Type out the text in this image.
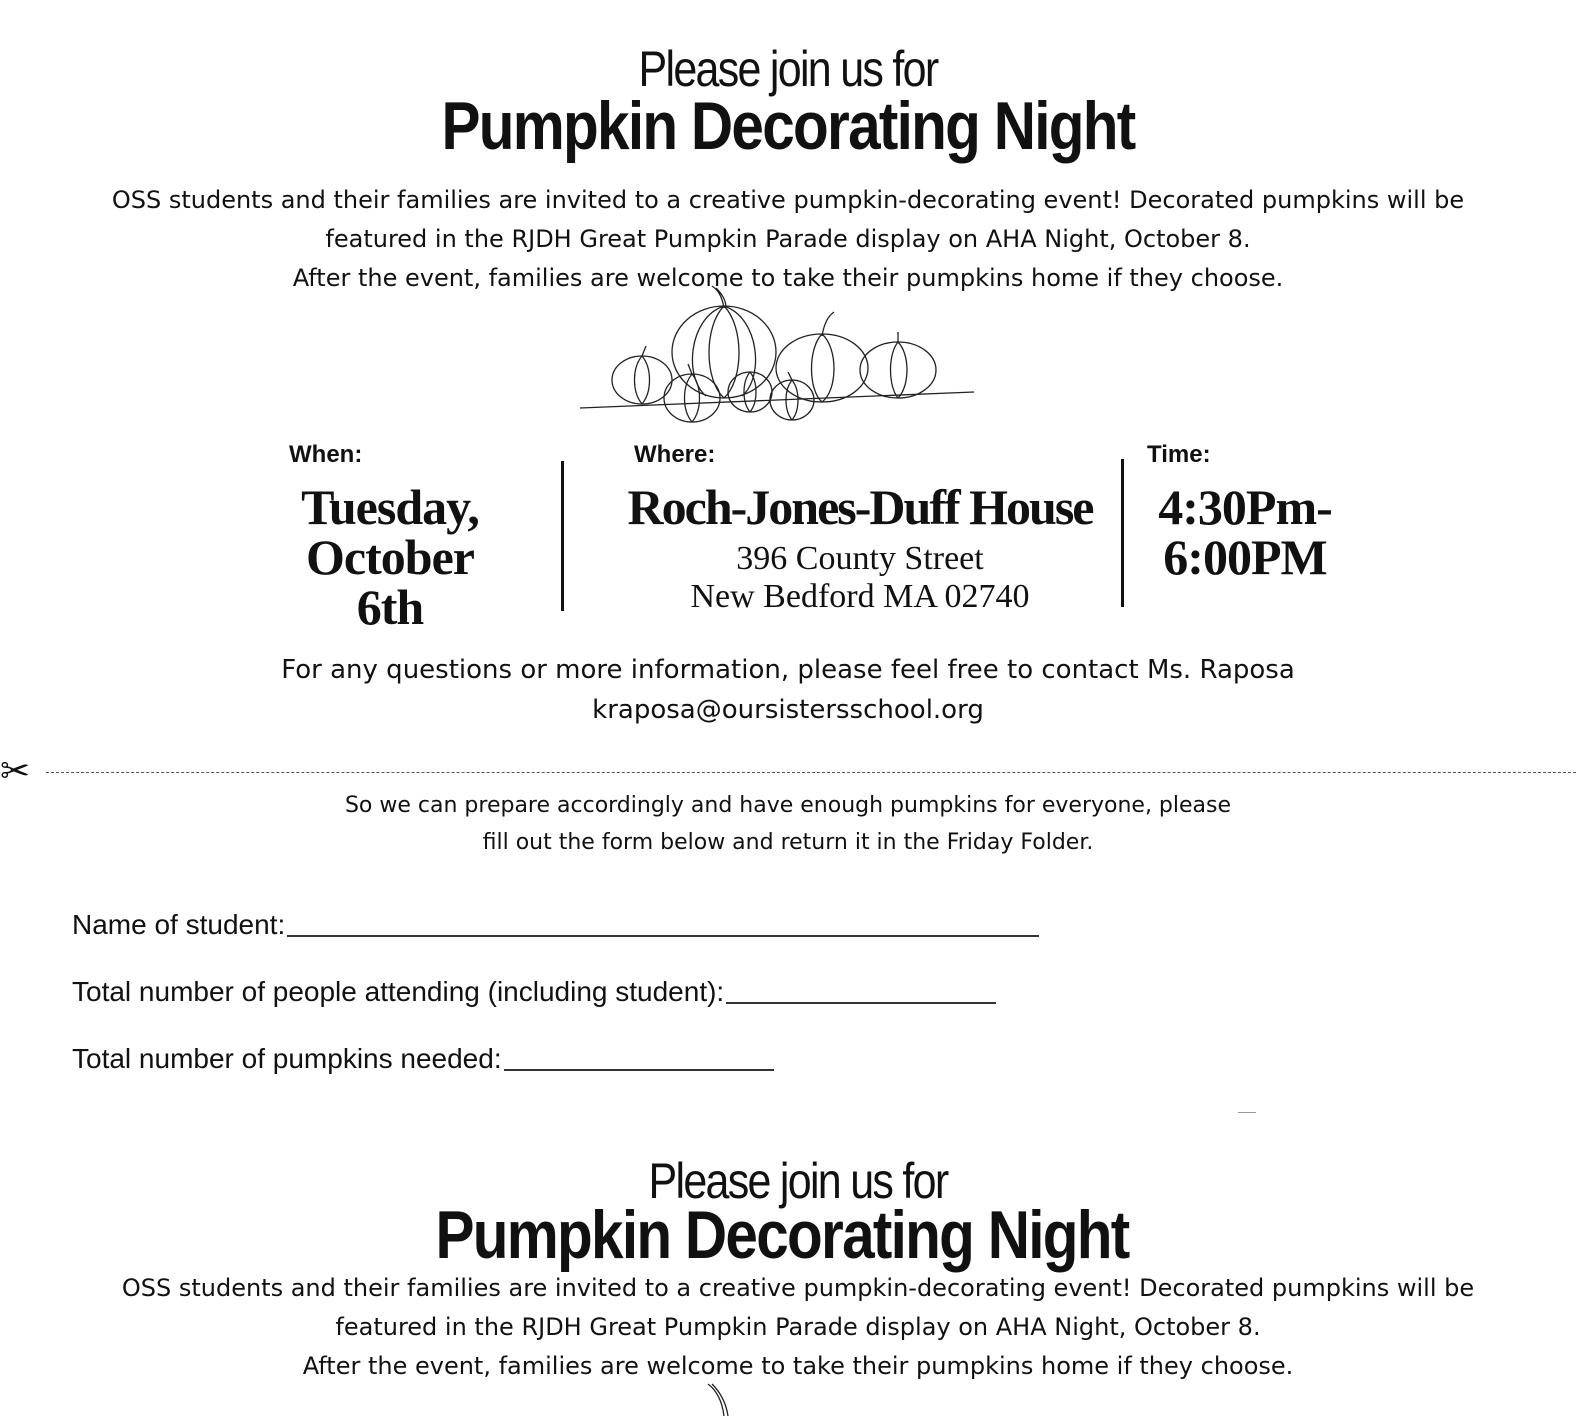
Please join us for
Pumpkin Decorating Night
OSS students and their families are invited to a creative pumpkin-decorating event! Decorated pumpkins will be
featured in the RJDH Great Pumpkin Parade display on AHA Night, October 8.
After the event, families are welcome to take their pumpkins home if they choose.
When:
Tuesday,
October
6th
Where:
Roch-Jones-Duff House
396 County Street
New Bedford MA 02740
Time:
4:30Pm-
6:00PM
For any questions or more information, please feel free to contact Ms. Raposa
kraposa@oursistersschool.org
✂
So we can prepare accordingly and have enough pumpkins for everyone, please
fill out the form below and return it in the Friday Folder.
Name of student:
Total number of people attending (including student):
Total number of pumpkins needed:
Please join us for
Pumpkin Decorating Night
OSS students and their families are invited to a creative pumpkin-decorating event! Decorated pumpkins will be
featured in the RJDH Great Pumpkin Parade display on AHA Night, October 8.
After the event, families are welcome to take their pumpkins home if they choose.
